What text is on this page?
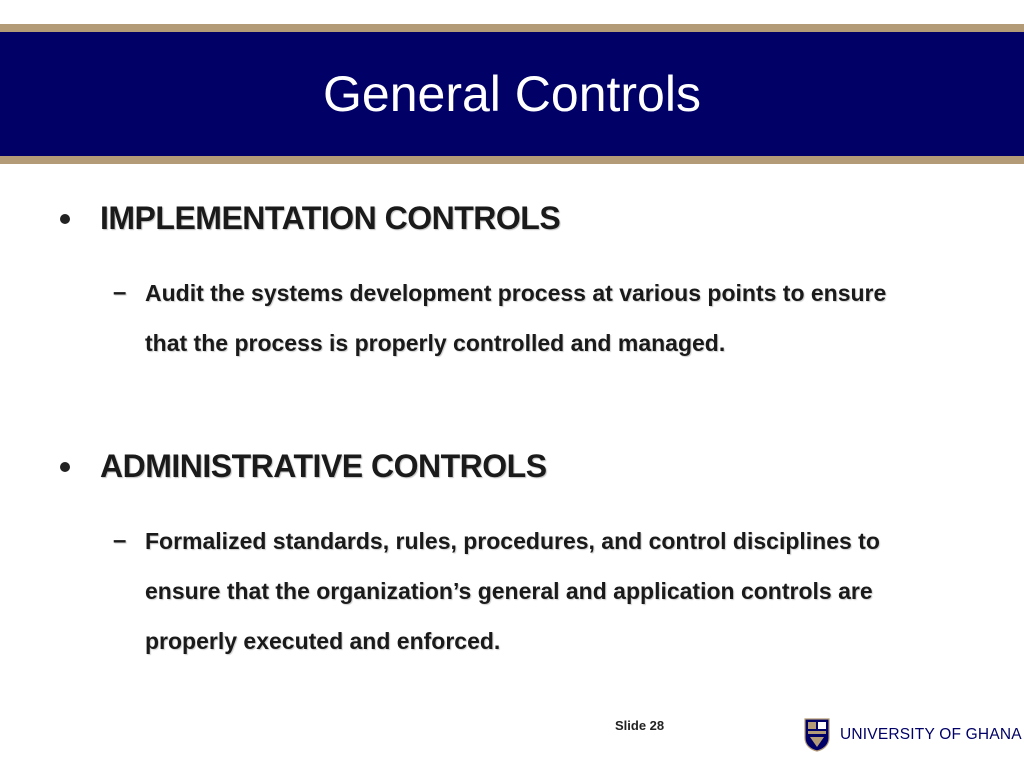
General Controls
IMPLEMENTATION CONTROLS
– Audit the systems development process at various points to ensure
that the process is properly controlled and managed.
ADMINISTRATIVE CONTROLS
– Formalized standards, rules, procedures, and control disciplines to
ensure that the organization’s general and application controls are
properly executed and enforced.
Slide 28
UNIVERSITY OF GHANA
